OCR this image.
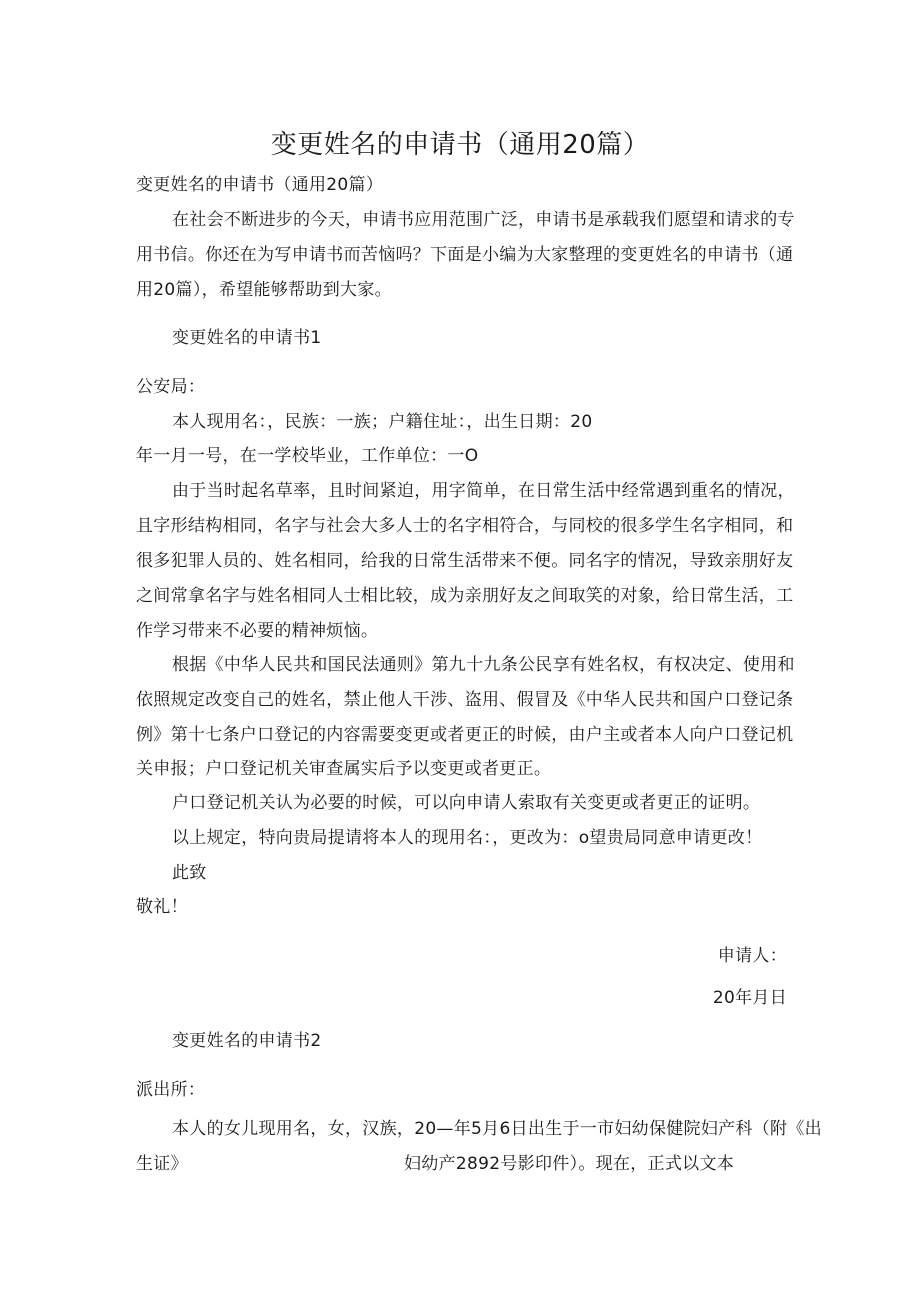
变更姓名的申请书（通用20篇）
变更姓名的申请书（通用20篇）
在社会不断进步的今天，申请书应用范围广泛，申请书是承载我们愿望和请求的专
用书信。你还在为写申请书而苦恼吗？下面是小编为大家整理的变更姓名的申请书（通
用20篇），希望能够帮助到大家。
变更姓名的申请书1
公安局：
本人现用名：，民族：一族；户籍住址：，出生日期：20
年一月一号，在一学校毕业，工作单位：一O
由于当时起名草率，且时间紧迫，用字简单，在日常生活中经常遇到重名的情况，
且字形结构相同，名字与社会大多人士的名字相符合，与同校的很多学生名字相同，和
很多犯罪人员的、姓名相同，给我的日常生活带来不便。同名字的情况，导致亲朋好友
之间常拿名字与姓名相同人士相比较，成为亲朋好友之间取笑的对象，给日常生活，工
作学习带来不必要的精神烦恼。
根据《中华人民共和国民法通则》第九十九条公民享有姓名权，有权决定、使用和
依照规定改变自己的姓名，禁止他人干涉、盗用、假冒及《中华人民共和国户口登记条
例》第十七条户口登记的内容需要变更或者更正的时候，由户主或者本人向户口登记机
关申报；户口登记机关审查属实后予以变更或者更正。
户口登记机关认为必要的时候，可以向申请人索取有关变更或者更正的证明。
以上规定，特向贵局提请将本人的现用名：，更改为：o望贵局同意申请更改！
此致
敬礼！
申请人：
20年月日
变更姓名的申请书2
派出所：
本人的女儿现用名，女，汉族，20—年5月6日出生于一市妇幼保健院妇产科（附《出
生证》	妇幼产2892号影印件）。现在，正式以文本
